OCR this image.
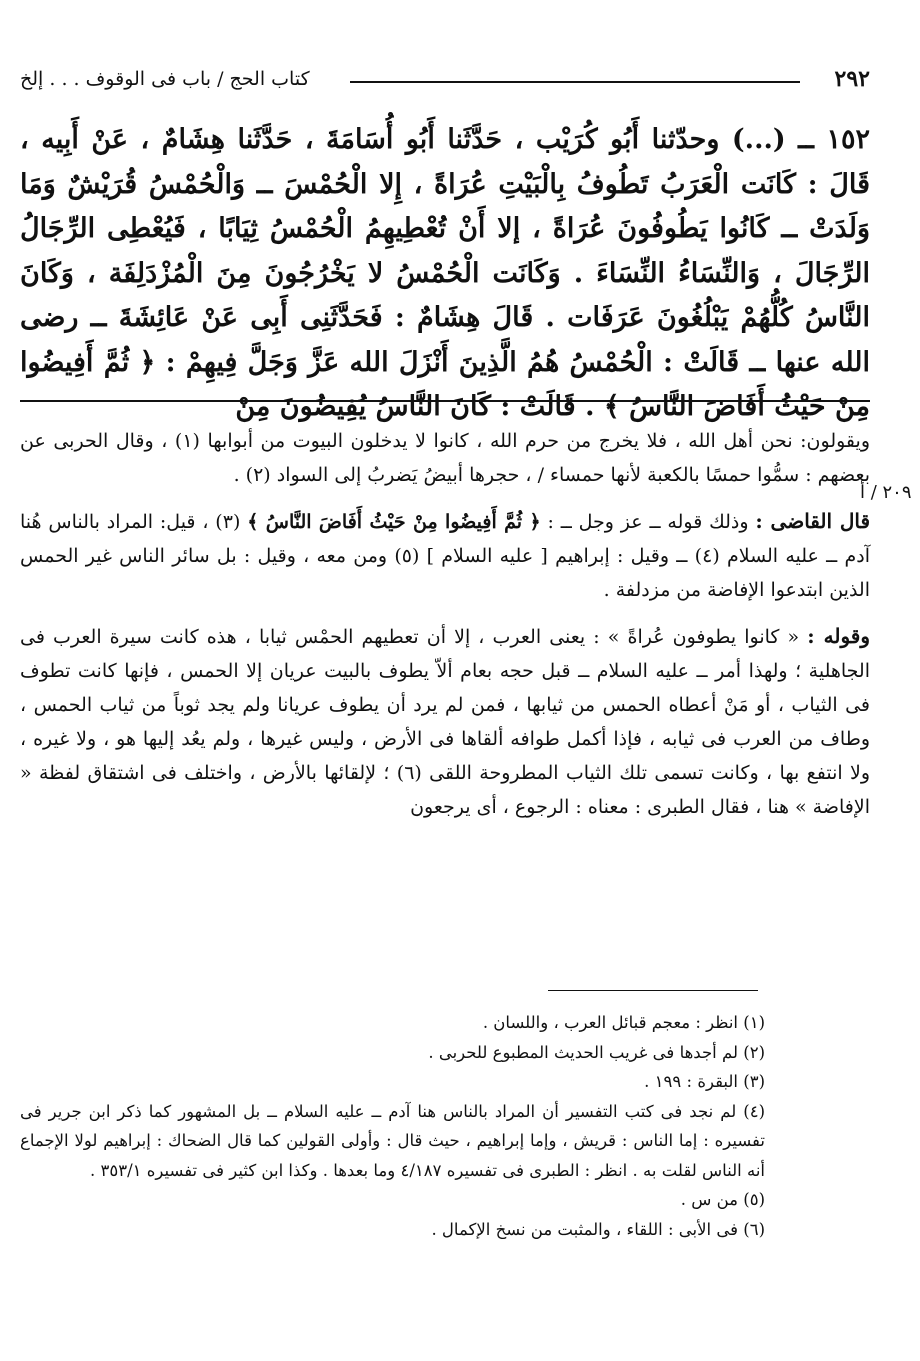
٢٩٢
كتاب الحج / باب فى الوقوف . . . إلخ
١٥٢ ــ (...) وحدّثنا أَبُو كُرَيْب ، حَدَّثَنا أَبُو أُسَامَةَ ، حَدَّثَنا هِشَامٌ ، عَنْ أَبِيه ، قَالَ : كَانَت الْعَرَبُ تَطُوفُ بِالْبَيْتِ عُرَاةً ، إِلا الْحُمْسَ ــ وَالْحُمْسُ قُرَيْشٌ وَمَا وَلَدَتْ ــ كَانُوا يَطُوفُونَ عُرَاةً ، إلا أَنْ تُعْطِيهِمُ الْحُمْسُ ثِيَابًا ، فَيُعْطِى الرِّجَالُ الرِّجَالَ ، وَالنِّسَاءُ النِّسَاءَ . وَكَانَت الْحُمْسُ لا يَخْرُجُونَ مِنَ الْمُزْدَلِفَة ، وَكَانَ النَّاسُ كُلُّهُمْ يَبْلُغُونَ عَرَفَات . قَالَ هِشَامٌ : فَحَدَّثَنِى أَبِى عَنْ عَائِشَةَ ــ رضى الله عنها ــ قَالَتْ : الْحُمْسُ هُمُ الَّذِينَ أَنْزَلَ الله عَزَّ وَجَلَّ فِيهِمْ : ﴿ ثُمَّ أَفِيضُوا مِنْ حَيْثُ أَفَاضَ النَّاسُ ﴾ . قَالَتْ : كَانَ النَّاسُ يُفِيضُونَ مِنْ
٢٠٩ / أ

ويقولون: نحن أهل الله ، فلا يخرج من حرم الله ، كانوا لا يدخلون البيوت من أبوابها (١) ، وقال الحربى عن بعضهم : سمُّوا حمسًا بالكعبة لأنها حمساء / ، حجرها أبيضُ يَضربُ إلى السواد (٢) .

قال القاضى : وذلك قوله ــ عز وجل ــ : ﴿ ثُمَّ أَفِيضُوا مِنْ حَيْثُ أَفَاضَ النَّاسُ ﴾ (٣) ، قيل: المراد بالناس هُنا آدم ــ عليه السلام (٤) ــ وقيل : إبراهيم [ عليه السلام ] (٥) ومن معه ، وقيل : بل سائر الناس غير الحمس الذين ابتدعوا الإفاضة من مزدلفة .

وقوله : « كانوا يطوفون عُراةً » : يعنى العرب ، إلا أن تعطيهم الحمْس ثيابا ، هذه كانت سيرة العرب فى الجاهلية ؛ ولهذا أمر ــ عليه السلام ــ قبل حجه بعام ألاّ يطوف بالبيت عريان إلا الحمس ، فإنها كانت تطوف فى الثياب ، أو مَنْ أعطاه الحمس من ثيابها ، فمن لم يرد أن يطوف عريانا ولم يجد ثوباً من ثياب الحمس ، وطاف من العرب فى ثيابه ، فإذا أكمل طوافه ألقاها فى الأرض ، وليس غيرها ، ولم يعُد إليها هو ، ولا غيره ، ولا انتفع بها ، وكانت تسمى تلك الثياب المطروحة اللقى (٦) ؛ لإلقائها بالأرض ، واختلف فى اشتقاق لفظة « الإفاضة » هنا ، فقال الطبرى : معناه : الرجوع ، أى يرجعون

(١) انظر : معجم قبائل العرب ، واللسان .

(٢) لم أجدها فى غريب الحديث المطبوع للحربى .

(٣) البقرة : ١٩٩ .

(٤) لم نجد فى كتب التفسير أن المراد بالناس هنا آدم ــ عليه السلام ــ بل المشهور كما ذكر ابن جرير فى تفسيره : إما الناس : قريش ، وإما إبراهيم ، حيث قال : وأولى القولين كما قال الضحاك : إبراهيم لولا الإجماع أنه الناس لقلت به . انظر : الطبرى فى تفسيره ٤/١٨٧ وما بعدها . وكذا ابن كثير فى تفسيره ٣٥٣/١ .

(٥) من س .

(٦) فى الأبى : اللقاء ، والمثبت من نسخ الإكمال .
